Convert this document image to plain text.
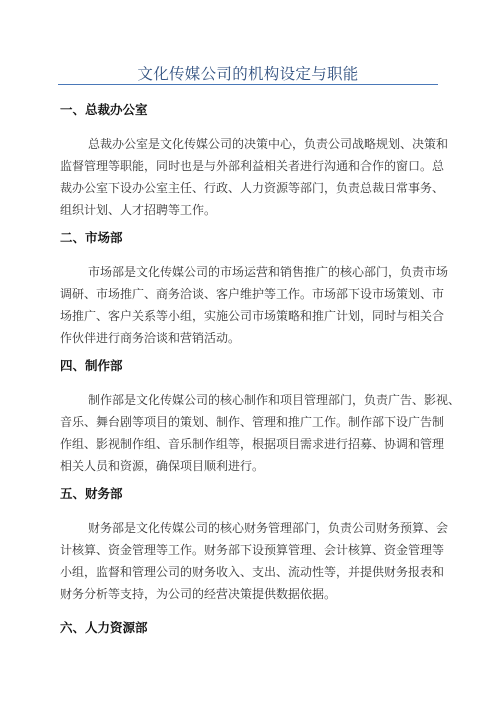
文化传媒公司的机构设定与职能
一、总裁办公室
总裁办公室是文化传媒公司的决策中心，负责公司战略规划、决策和
监督管理等职能，同时也是与外部利益相关者进行沟通和合作的窗口。总
裁办公室下设办公室主任、行政、人力资源等部门，负责总裁日常事务、
组织计划、人才招聘等工作。
二、市场部
市场部是文化传媒公司的市场运营和销售推广的核心部门，负责市场
调研、市场推广、商务洽谈、客户维护等工作。市场部下设市场策划、市
场推广、客户关系等小组，实施公司市场策略和推广计划，同时与相关合
作伙伴进行商务洽谈和营销活动。
四、制作部
制作部是文化传媒公司的核心制作和项目管理部门，负责广告、影视、
音乐、舞台剧等项目的策划、制作、管理和推广工作。制作部下设广告制
作组、影视制作组、音乐制作组等，根据项目需求进行招募、协调和管理
相关人员和资源，确保项目顺利进行。
五、财务部
财务部是文化传媒公司的核心财务管理部门，负责公司财务预算、会
计核算、资金管理等工作。财务部下设预算管理、会计核算、资金管理等
小组，监督和管理公司的财务收入、支出、流动性等，并提供财务报表和
财务分析等支持，为公司的经营决策提供数据依据。
六、人力资源部
